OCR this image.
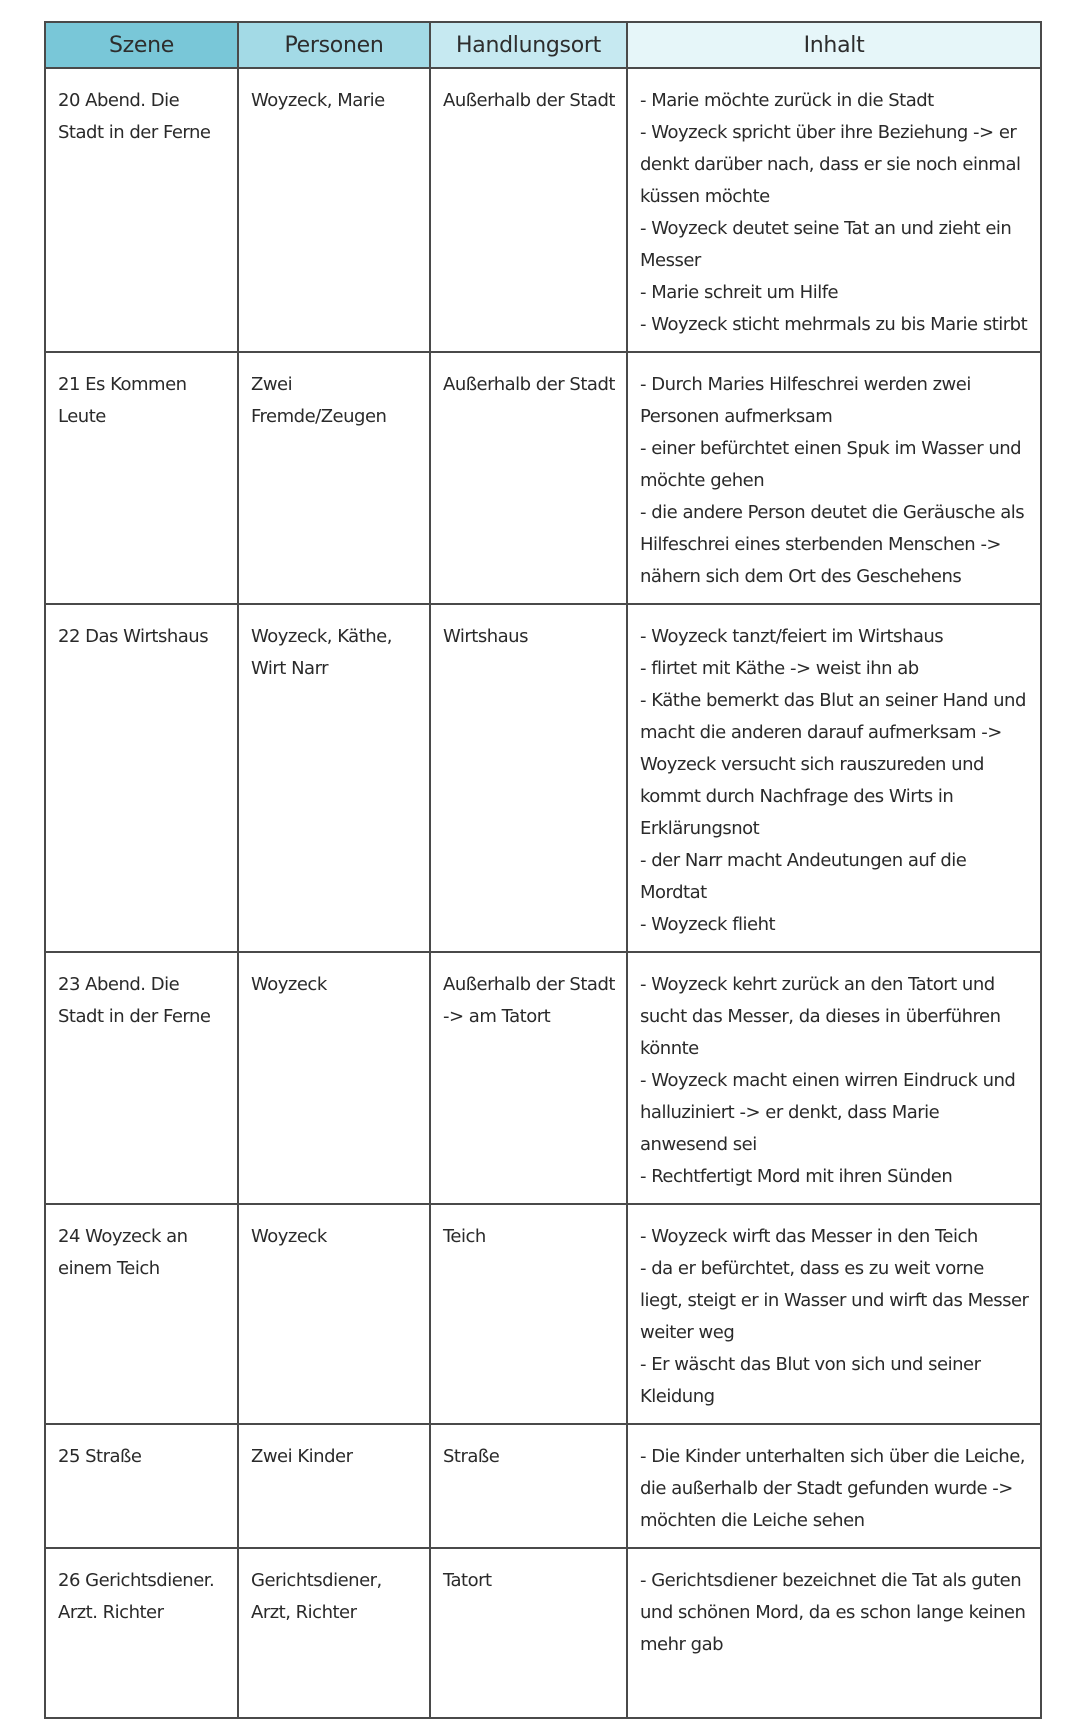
Szene	Personen	Handlungsort	Inhalt

20 Abend. Die Stadt in der Ferne	Woyzeck, Marie	Außerhalb der Stadt	- Marie möchte zurück in die Stadt
- Woyzeck spricht über ihre Beziehung -> er denkt darüber nach, dass er sie noch einmal küssen möchte
- Woyzeck deutet seine Tat an und zieht ein Messer
- Marie schreit um Hilfe
- Woyzeck sticht mehrmals zu bis Marie stirbt

21 Es Kommen Leute	Zwei Fremde/Zeugen	Außerhalb der Stadt	- Durch Maries Hilfeschrei werden zwei Personen aufmerksam
- einer befürchtet einen Spuk im Wasser und möchte gehen
- die andere Person deutet die Geräusche als Hilfeschrei eines sterbenden Menschen -> nähern sich dem Ort des Geschehens

22 Das Wirtshaus	Woyzeck, Käthe, Wirt Narr	Wirtshaus	- Woyzeck tanzt/feiert im Wirtshaus
- flirtet mit Käthe -> weist ihn ab
- Käthe bemerkt das Blut an seiner Hand und macht die anderen darauf aufmerksam -> Woyzeck versucht sich rauszureden und kommt durch Nachfrage des Wirts in Erklärungsnot
- der Narr macht Andeutungen auf die Mordtat
- Woyzeck flieht

23 Abend. Die Stadt in der Ferne	Woyzeck	Außerhalb der Stadt -> am Tatort	- Woyzeck kehrt zurück an den Tatort und sucht das Messer, da dieses in überführen könnte
- Woyzeck macht einen wirren Eindruck und halluziniert -> er denkt, dass Marie anwesend sei
- Rechtfertigt Mord mit ihren Sünden

24 Woyzeck an einem Teich	Woyzeck	Teich	- Woyzeck wirft das Messer in den Teich
- da er befürchtet, dass es zu weit vorne liegt, steigt er in Wasser und wirft das Messer weiter weg
- Er wäscht das Blut von sich und seiner Kleidung

25 Straße	Zwei Kinder	Straße	- Die Kinder unterhalten sich über die Leiche, die außerhalb der Stadt gefunden wurde -> möchten die Leiche sehen

26 Gerichtsdiener. Arzt. Richter	Gerichtsdiener, Arzt, Richter	Tatort	- Gerichtsdiener bezeichnet die Tat als guten und schönen Mord, da es schon lange keinen mehr gab
